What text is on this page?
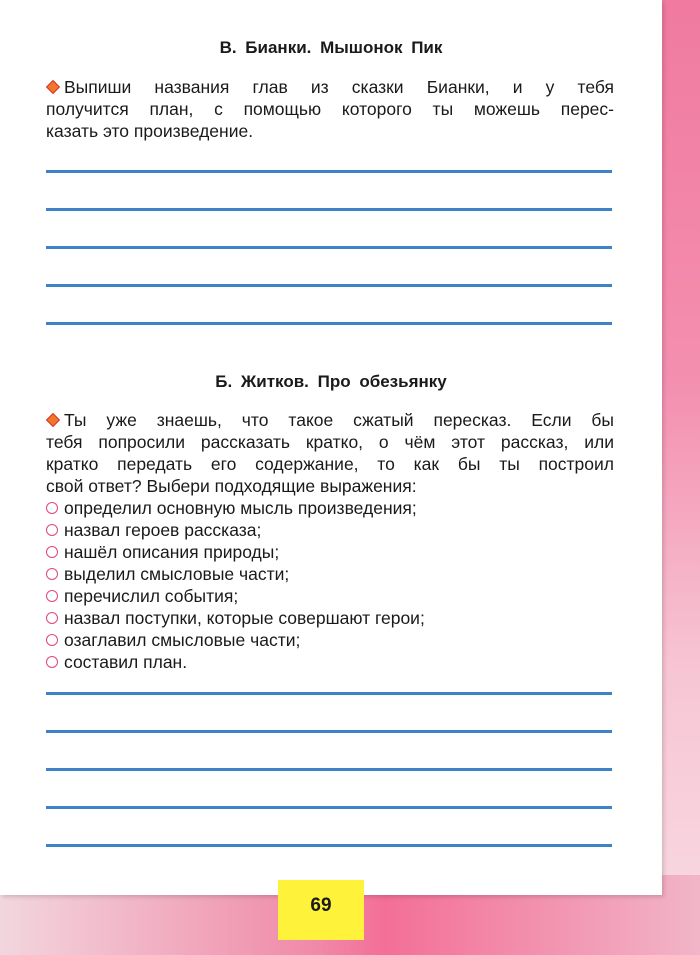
В. Бианки. Мышонок Пик
Выпиши названия глав из сказки Бианки, и у тебя
получится план, с помощью которого ты можешь перес-
казать это произведение.
Б. Житков. Про обезьянку
Ты уже знаешь, что такое сжатый пересказ. Если бы
тебя попросили рассказать кратко, о чём этот рассказ, или
кратко передать его содержание, то как бы ты построил
свой ответ? Выбери подходящие выражения:
определил основную мысль произведения;
назвал героев рассказа;
нашёл описания природы;
выделил смысловые части;
перечислил события;
назвал поступки, которые совершают герои;
озаглавил смысловые части;
составил план.
69
